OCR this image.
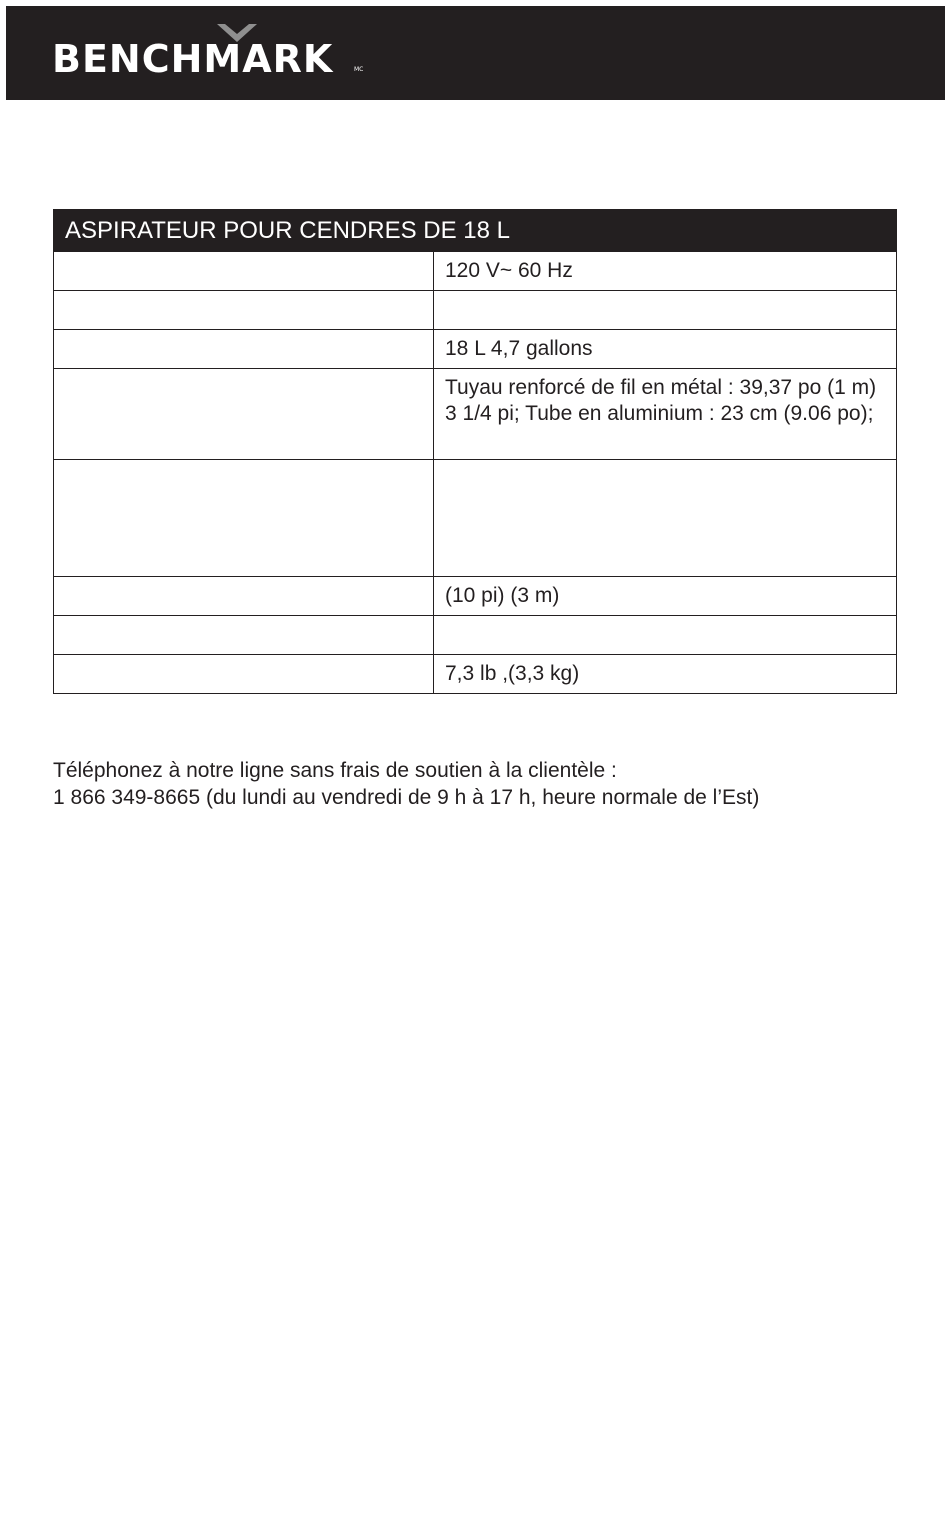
BENCHMARK	MC
ASPIRATEUR POUR CENDRES DE 18 L	
	120 V~ 60 Hz

	18 L 4,7 gallons
	Tuyau renforcé de fil en métal : 39,37 po (1 m) 3 1/4 pi; Tube en aluminium : 23 cm (9.06 po);

	(10 pi) (3 m)

	7,3 lb ,(3,3 kg)
Téléphonez à notre ligne sans frais de soutien à la clientèle :
1 866 349-8665 (du lundi au vendredi de 9 h à 17 h, heure normale de l’Est)
